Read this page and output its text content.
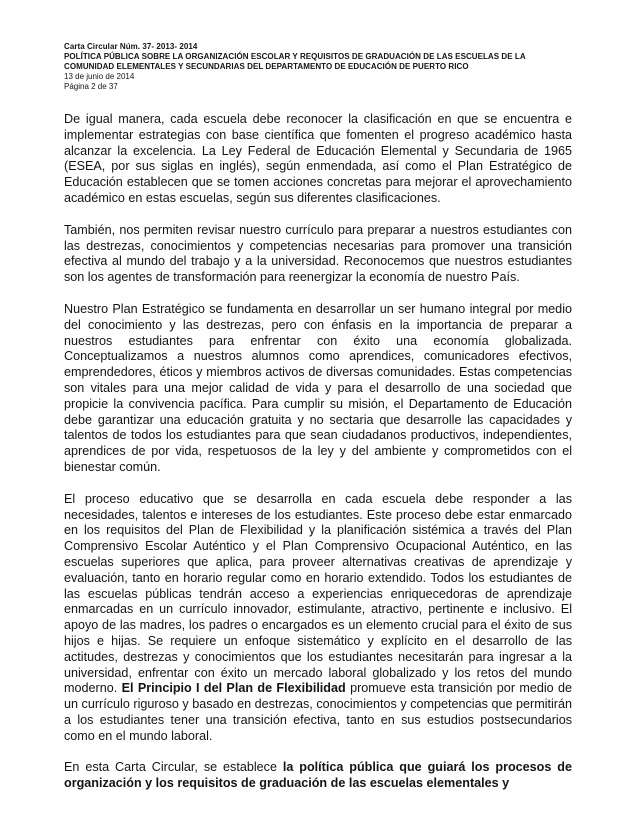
Carta Circular Núm. 37- 2013- 2014
POLÍTICA PÚBLICA SOBRE LA ORGANIZACIÓN ESCOLAR Y REQUISITOS DE GRADUACIÓN DE LAS ESCUELAS DE LA
COMUNIDAD ELEMENTALES Y SECUNDARIAS DEL DEPARTAMENTO DE EDUCACIÓN DE PUERTO RICO
13 de junio de 2014
Página 2 de 37

De igual manera, cada escuela debe reconocer la clasificación en que se encuentra e implementar estrategias con base científica que fomenten el progreso académico hasta alcanzar la excelencia. La Ley Federal de Educación Elemental y Secundaria de 1965 (ESEA, por sus siglas en inglés), según enmendada, así como el Plan Estratégico de Educación establecen que se tomen acciones concretas para mejorar el aprovechamiento académico en estas escuelas, según sus diferentes clasificaciones.

También, nos permiten revisar nuestro currículo para preparar a nuestros estudiantes con las destrezas, conocimientos y competencias necesarias para promover una transición efectiva al mundo del trabajo y a la universidad. Reconocemos que nuestros estudiantes son los agentes de transformación para reenergizar la economía de nuestro País.

Nuestro Plan Estratégico se fundamenta en desarrollar un ser humano integral por medio del conocimiento y las destrezas, pero con énfasis en la importancia de preparar a nuestros estudiantes para enfrentar con éxito una economía globalizada. Conceptualizamos a nuestros alumnos como aprendices, comunicadores efectivos, emprendedores, éticos y miembros activos de diversas comunidades. Estas competencias son vitales para una mejor calidad de vida y para el desarrollo de una sociedad que propicie la convivencia pacífica. Para cumplir su misión, el Departamento de Educación debe garantizar una educación gratuita y no sectaria que desarrolle las capacidades y talentos de todos los estudiantes para que sean ciudadanos productivos, independientes, aprendices de por vida, respetuosos de la ley y del ambiente y comprometidos con el bienestar común.

El proceso educativo que se desarrolla en cada escuela debe responder a las necesidades, talentos e intereses de los estudiantes. Este proceso debe estar enmarcado en los requisitos del Plan de Flexibilidad y la planificación sistémica a través del Plan Comprensivo Escolar Auténtico y el Plan Comprensivo Ocupacional Auténtico, en las escuelas superiores que aplica, para proveer alternativas creativas de aprendizaje y evaluación, tanto en horario regular como en horario extendido. Todos los estudiantes de las escuelas públicas tendrán acceso a experiencias enriquecedoras de aprendizaje enmarcadas en un currículo innovador, estimulante, atractivo, pertinente e inclusivo. El apoyo de las madres, los padres o encargados es un elemento crucial para el éxito de sus hijos e hijas. Se requiere un enfoque sistemático y explícito en el desarrollo de las actitudes, destrezas y conocimientos que los estudiantes necesitarán para ingresar a la universidad, enfrentar con éxito un mercado laboral globalizado y los retos del mundo moderno. El Principio I del Plan de Flexibilidad promueve esta transición por medio de un currículo riguroso y basado en destrezas, conocimientos y competencias que permitirán a los estudiantes tener una transición efectiva, tanto en sus estudios postsecundarios como en el mundo laboral.

En esta Carta Circular, se establece la política pública que guiará los procesos de organización y los requisitos de graduación de las escuelas elementales y
